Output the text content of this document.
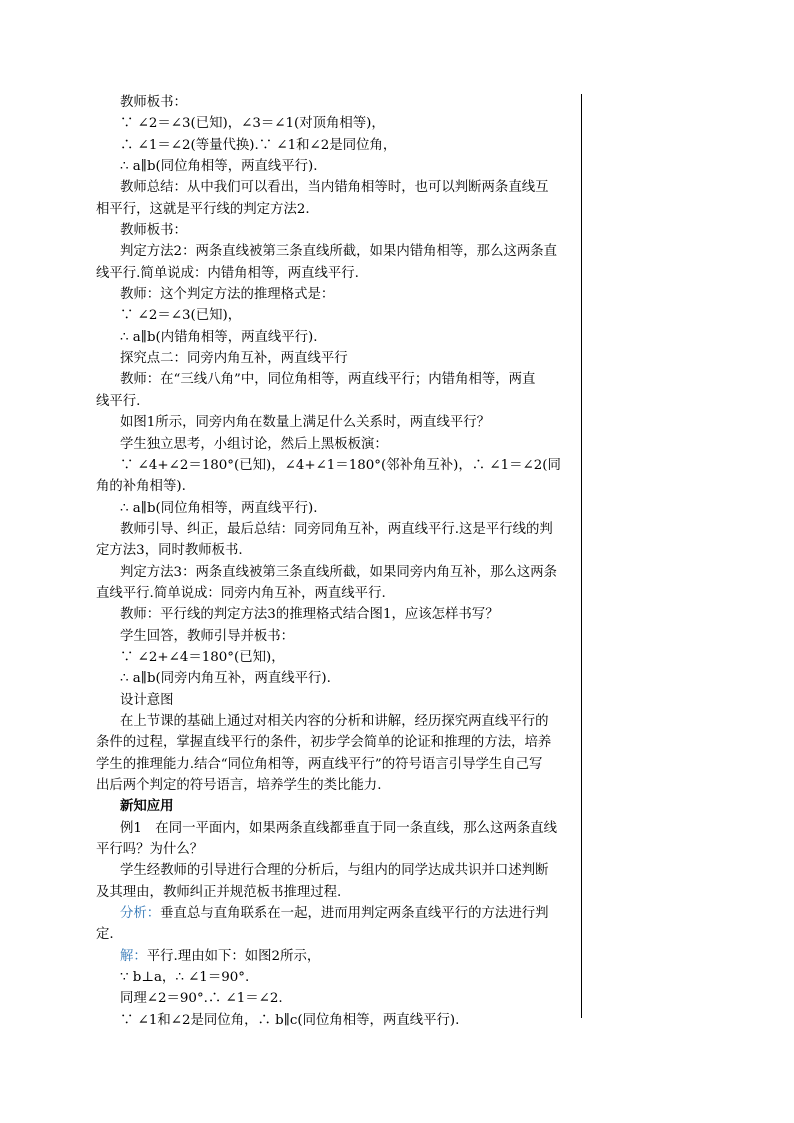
教师板书：
∵ ∠2＝∠3(已知)，∠3＝∠1(对顶角相等)，
∴ ∠1＝∠2(等量代换).∵ ∠1和∠2是同位角，
∴ a∥b(同位角相等，两直线平行).
教师总结：从中我们可以看出，当内错角相等时，也可以判断两条直线互
相平行，这就是平行线的判定方法2.
教师板书：
判定方法2：两条直线被第三条直线所截，如果内错角相等，那么这两条直
线平行.简单说成：内错角相等，两直线平行.
教师：这个判定方法的推理格式是：
∵ ∠2＝∠3(已知)，
∴ a∥b(内错角相等，两直线平行).
探究点二：同旁内角互补，两直线平行
教师：在“三线八角”中，同位角相等，两直线平行；内错角相等，两直
线平行.
如图1所示，同旁内角在数量上满足什么关系时，两直线平行？
学生独立思考，小组讨论，然后上黑板板演：
∵ ∠4+∠2＝180°(已知)，∠4+∠1＝180°(邻补角互补)，∴ ∠1＝∠2(同
角的补角相等).
∴ a∥b(同位角相等，两直线平行).
教师引导、纠正，最后总结：同旁同角互补，两直线平行.这是平行线的判
定方法3，同时教师板书.
判定方法3：两条直线被第三条直线所截，如果同旁内角互补，那么这两条
直线平行.简单说成：同旁内角互补，两直线平行.
教师：平行线的判定方法3的推理格式结合图1，应该怎样书写？
学生回答，教师引导并板书：
∵ ∠2+∠4＝180°(已知)，
∴ a∥b(同旁内角互补，两直线平行).
设计意图
在上节课的基础上通过对相关内容的分析和讲解，经历探究两直线平行的
条件的过程，掌握直线平行的条件，初步学会简单的论证和推理的方法，培养
学生的推理能力.结合“同位角相等，两直线平行”的符号语言引导学生自己写
出后两个判定的符号语言，培养学生的类比能力.
新知应用
例1　在同一平面内，如果两条直线都垂直于同一条直线，那么这两条直线
平行吗？为什么？
学生经教师的引导进行合理的分析后，与组内的同学达成共识并口述判断
及其理由，教师纠正并规范板书推理过程.
分析：垂直总与直角联系在一起，进而用判定两条直线平行的方法进行判
定.
解：平行.理由如下：如图2所示，
∵ b⊥a，∴ ∠1＝90°.
同理∠2＝90°.∴ ∠1＝∠2.
∵ ∠1和∠2是同位角，∴ b∥c(同位角相等，两直线平行).
